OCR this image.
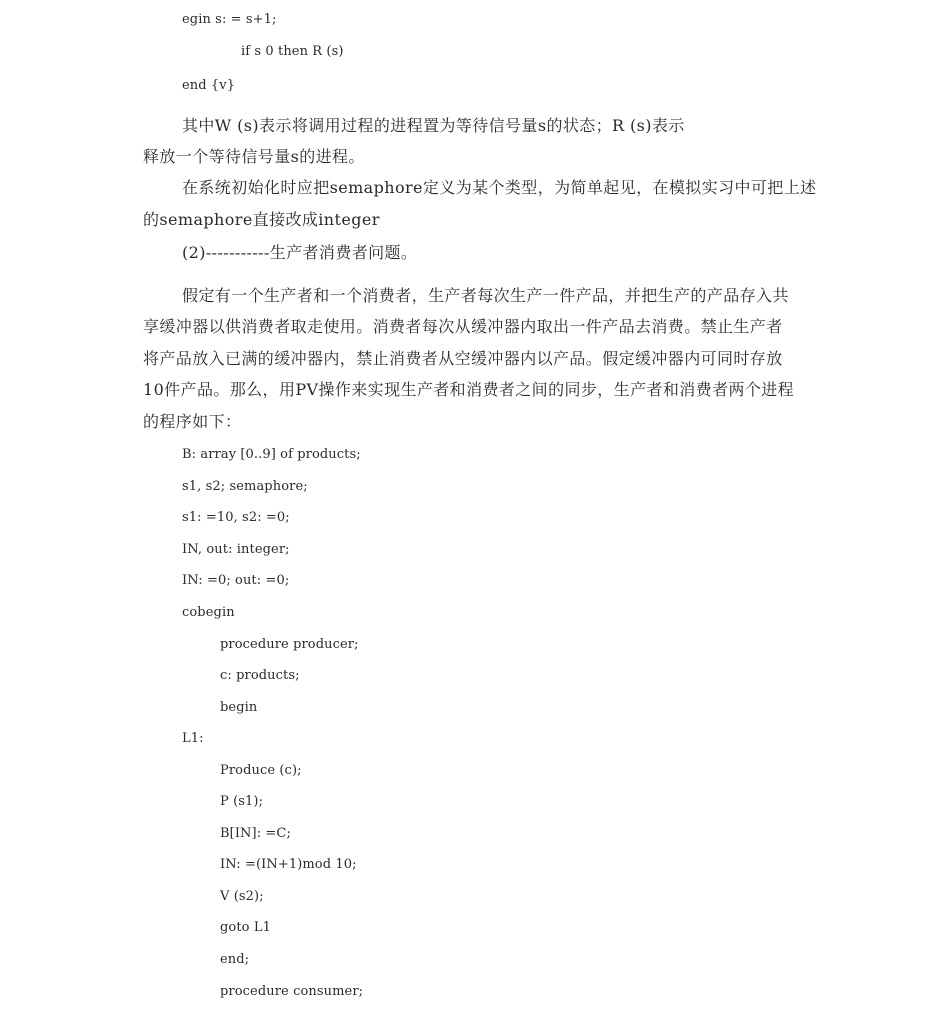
egin s: = s+1;
if s 0 then R (s)
end {v}
其中W (s)表示将调用过程的进程置为等待信号量s的状态；R (s)表示
释放一个等待信号量s的进程。
在系统初始化时应把semaphore定义为某个类型，为简单起见，在模拟实习中可把上述
的semaphore直接改成integer
(2)-----------生产者消费者问题。
假定有一个生产者和一个消费者，生产者每次生产一件产品，并把生产的产品存入共
享缓冲器以供消费者取走使用。消费者每次从缓冲器内取出一件产品去消费。禁止生产者
将产品放入已满的缓冲器内，禁止消费者从空缓冲器内以产品。假定缓冲器内可同时存放
10件产品。那么，用PV操作来实现生产者和消费者之间的同步，生产者和消费者两个进程
的程序如下：
B: array [0..9] of products;
s1, s2; semaphore;
s1: =10, s2: =0;
IN, out: integer;
IN: =0; out: =0;
cobegin
procedure producer;
c: products;
begin
L1:
Produce (c);
P (s1);
B[IN]: =C;
IN: =(IN+1)mod 10;
V (s2);
goto L1
end;
procedure consumer;
